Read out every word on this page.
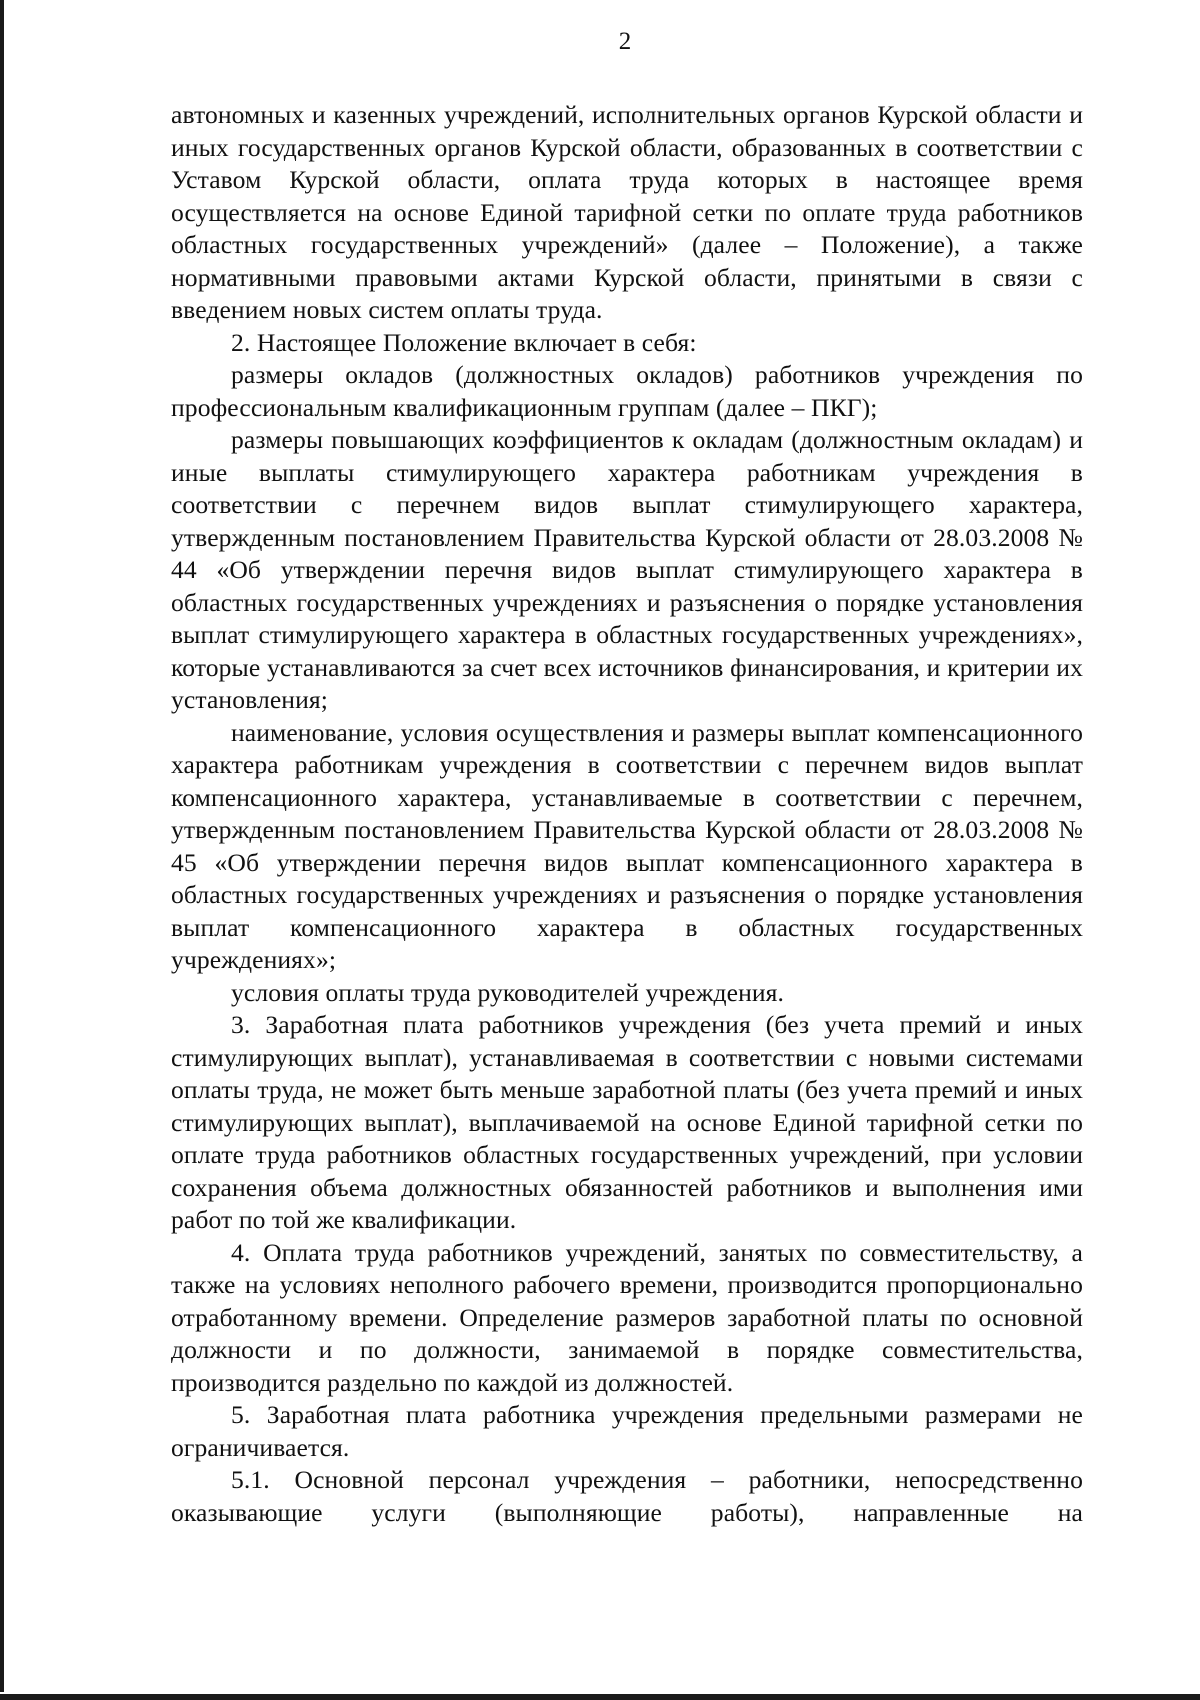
2

автономных и казенных учреждений, исполнительных органов Курской области и иных государственных органов Курской области, образованных в соответствии с Уставом Курской области, оплата труда которых в настоящее время осуществляется на основе Единой тарифной сетки по оплате труда работников областных государственных учреждений» (далее – Положение), а также нормативными правовыми актами Курской области, принятыми в связи с введением новых систем оплаты труда.

2. Настоящее Положение включает в себя:

размеры окладов (должностных окладов) работников учреждения по профессиональным квалификационным группам (далее – ПКГ);

размеры повышающих коэффициентов к окладам (должностным окладам) и иные выплаты стимулирующего характера работникам учреждения в соответствии с перечнем видов выплат стимулирующего характера, утвержденным постановлением Правительства Курской области от 28.03.2008 № 44 «Об утверждении перечня видов выплат стимулирующего характера в областных государственных учреждениях и разъяснения о порядке установления выплат стимулирующего характера в областных государственных учреждениях», которые устанавливаются за счет всех источников финансирования, и критерии их установления;

наименование, условия осуществления и размеры выплат компенсационного характера работникам учреждения в соответствии с перечнем видов выплат компенсационного характера, устанавливаемые в соответствии с перечнем, утвержденным постановлением Правительства Курской области от 28.03.2008 № 45 «Об утверждении перечня видов выплат компенсационного характера в областных государственных учреждениях и разъяснения о порядке установления выплат компенсационного характера в областных государственных учреждениях»;

условия оплаты труда руководителей учреждения.

3. Заработная плата работников учреждения (без учета премий и иных стимулирующих выплат), устанавливаемая в соответствии с новыми системами оплаты труда, не может быть меньше заработной платы (без учета премий и иных стимулирующих выплат), выплачиваемой на основе Единой тарифной сетки по оплате труда работников областных государственных учреждений, при условии сохранения объема должностных обязанностей работников и выполнения ими работ по той же квалификации.

4. Оплата труда работников учреждений, занятых по совместительству, а также на условиях неполного рабочего времени, производится пропорционально отработанному времени. Определение размеров заработной платы по основной должности и по должности, занимаемой в порядке совместительства, производится раздельно по каждой из должностей.

5. Заработная плата работника учреждения предельными размерами не ограничивается.

5.1. Основной персонал учреждения – работники, непосредственно оказывающие услуги (выполняющие работы), направленные на
